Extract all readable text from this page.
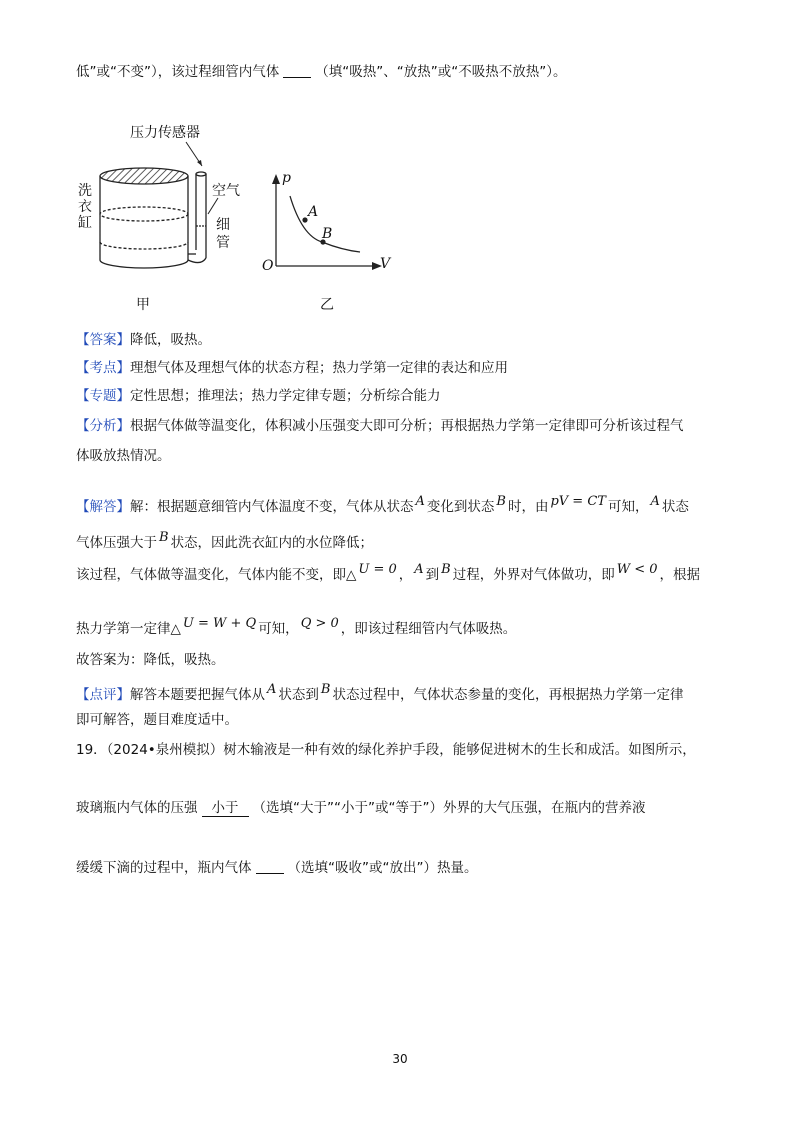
低”或“不变”），该过程细管内气体	（填“吸热”、“放热”或“不吸热不放热”）。
压力传感器
洗
衣
缸
空气
细
管
甲	乙
p
V
O
A
B
【答案】降低，吸热。
【考点】理想气体及理想气体的状态方程；热力学第一定律的表达和应用
【专题】定性思想；推理法；热力学定律专题；分析综合能力
【分析】根据气体做等温变化，体积减小压强变大即可分析；再根据热力学第一定律即可分析该过程气
体吸放热情况。
【解答】解：根据题意细管内气体温度不变，气体从状态 A 变化到状态 B 时，由 pV = CT 可知， A 状态
气体压强大于 B 状态，因此洗衣缸内的水位降低；
该过程，气体做等温变化，气体内能不变，即△ U = 0 ， A 到 B 过程，外界对气体做功，即 W < 0 ，根据
热力学第一定律△ U = W + Q 可知， Q > 0 ，即该过程细管内气体吸热。
故答案为：降低，吸热。
【点评】解答本题要把握气体从 A 状态到 B 状态过程中，气体状态参量的变化，再根据热力学第一定律
即可解答，题目难度适中。
19．（2024•泉州模拟）树木输液是一种有效的绿化养护手段，能够促进树木的生长和成活。如图所示，
玻璃瓶内气体的压强 小于 （选填“大于”“小于”或“等于”）外界的大气压强，在瓶内的营养液
缓缓下滴的过程中，瓶内气体	（选填“吸收”或“放出”）热量。
30
